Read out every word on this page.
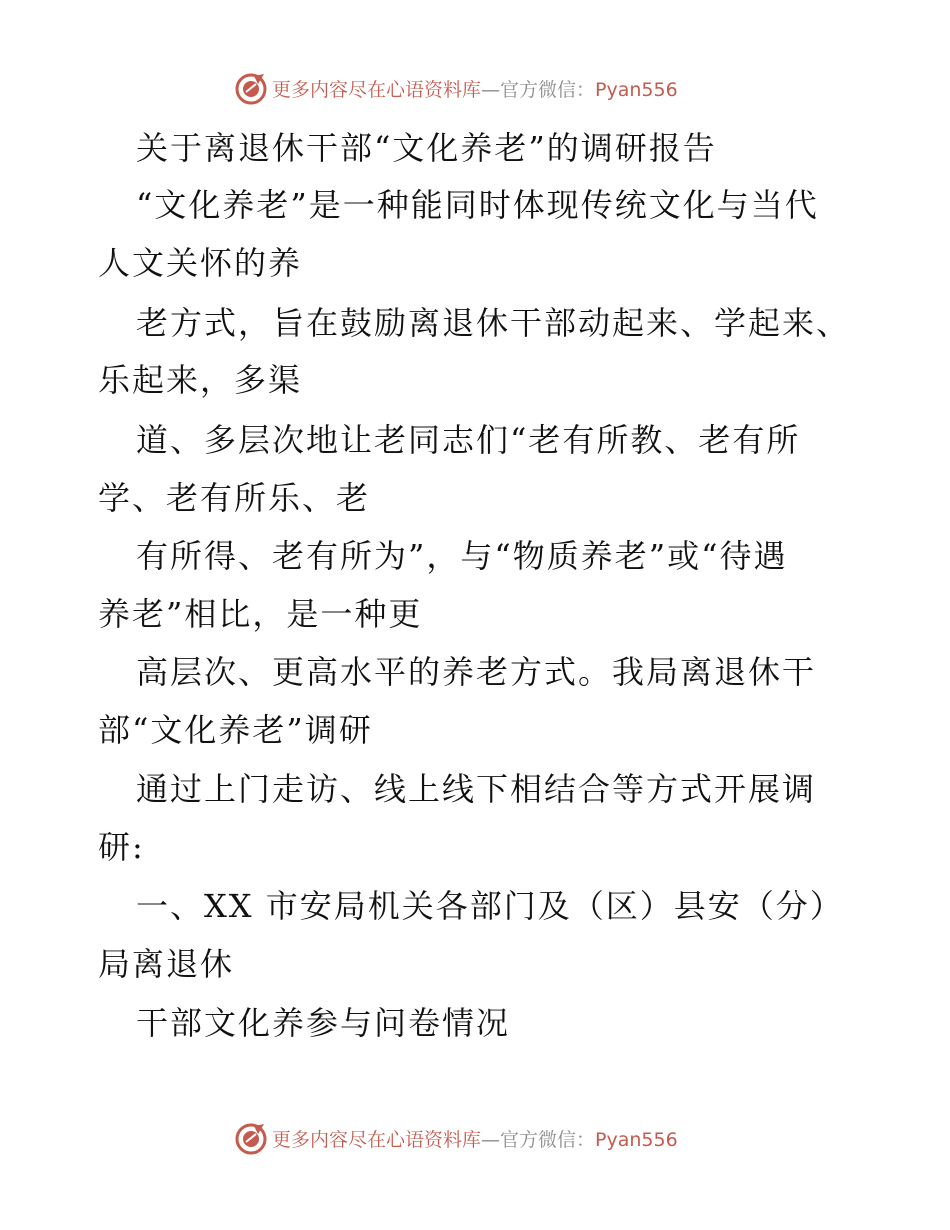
更多内容尽在心语资料库—官方微信：Pyan556
关于离退休干部“文化养老”的调研报告
“文化养老”是一种能同时体现传统文化与当代
人文关怀的养
老方式，旨在鼓励离退休干部动起来、学起来、
乐起来，多渠
道、多层次地让老同志们“老有所教、老有所
学、老有所乐、老
有所得、老有所为”，与“物质养老”或“待遇
养老”相比，是一种更
高层次、更高水平的养老方式。我局离退休干
部“文化养老”调研
通过上门走访、线上线下相结合等方式开展调
研:
一、XX 市安局机关各部门及（区）县安（分）
局离退休
干部文化养参与问卷情况
更多内容尽在心语资料库—官方微信：Pyan556
